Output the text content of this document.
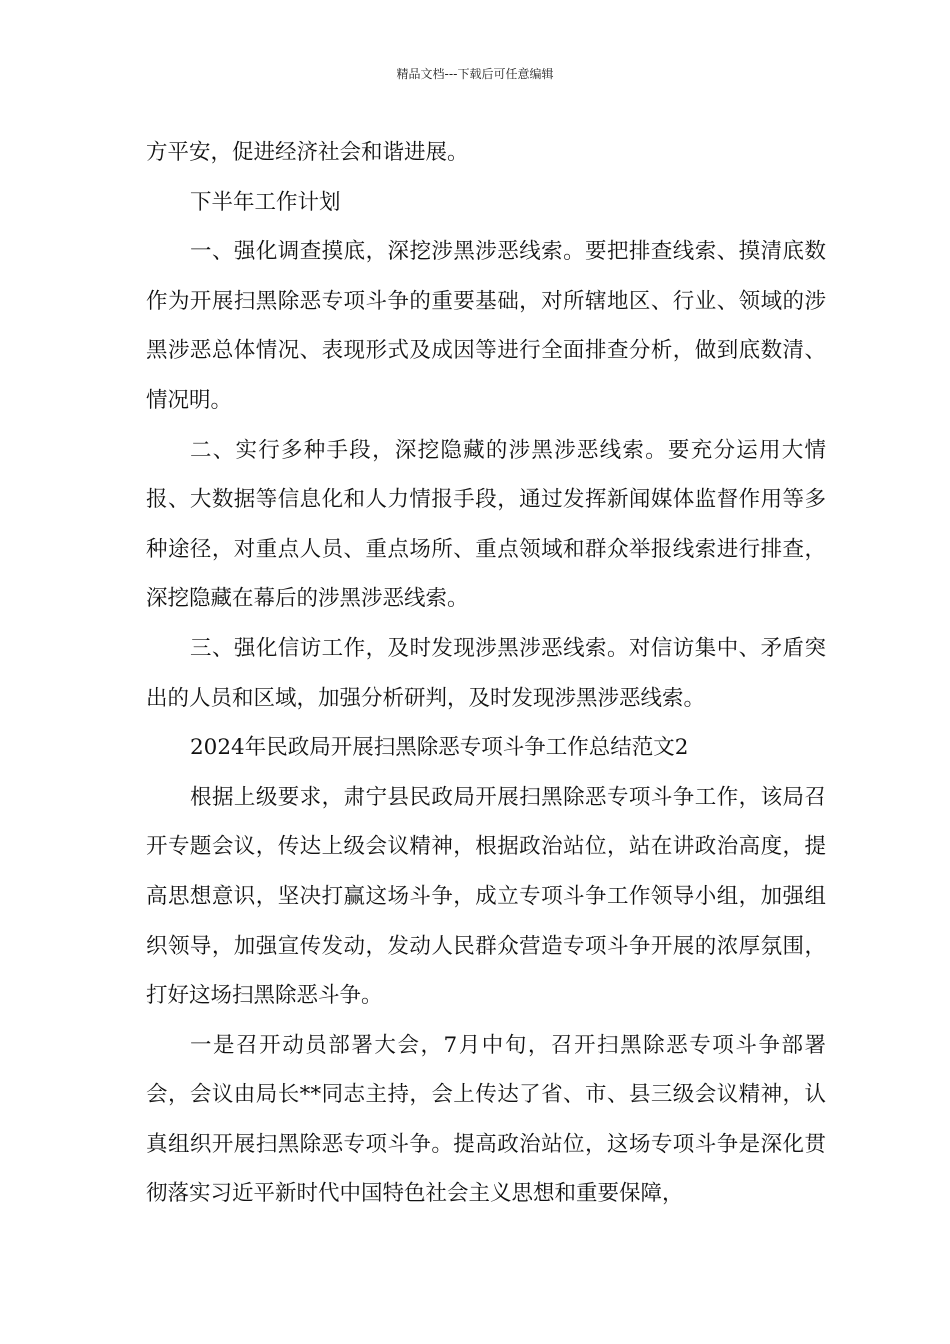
精品文档---下载后可任意编辑

方平安，促进经济社会和谐进展。

下半年工作计划

一、强化调查摸底，深挖涉黑涉恶线索。要把排查线索、摸清底数作为开展扫黑除恶专项斗争的重要基础，对所辖地区、行业、领域的涉黑涉恶总体情况、表现形式及成因等进行全面排查分析，做到底数清、情况明。

二、实行多种手段，深挖隐藏的涉黑涉恶线索。要充分运用大情报、大数据等信息化和人力情报手段，通过发挥新闻媒体监督作用等多种途径，对重点人员、重点场所、重点领域和群众举报线索进行排查，深挖隐藏在幕后的涉黑涉恶线索。

三、强化信访工作，及时发现涉黑涉恶线索。对信访集中、矛盾突出的人员和区域，加强分析研判，及时发现涉黑涉恶线索。

2024年民政局开展扫黑除恶专项斗争工作总结范文2

根据上级要求，肃宁县民政局开展扫黑除恶专项斗争工作，该局召开专题会议，传达上级会议精神，根据政治站位，站在讲政治高度，提高思想意识，坚决打赢这场斗争，成立专项斗争工作领导小组，加强组织领导，加强宣传发动，发动人民群众营造专项斗争开展的浓厚氛围，打好这场扫黑除恶斗争。

一是召开动员部署大会，7月中旬，召开扫黑除恶专项斗争部署会，会议由局长**同志主持，会上传达了省、市、县三级会议精神，认真组织开展扫黑除恶专项斗争。提高政治站位，这场专项斗争是深化贯彻落实习近平新时代中国特色社会主义思想和重要保障，
